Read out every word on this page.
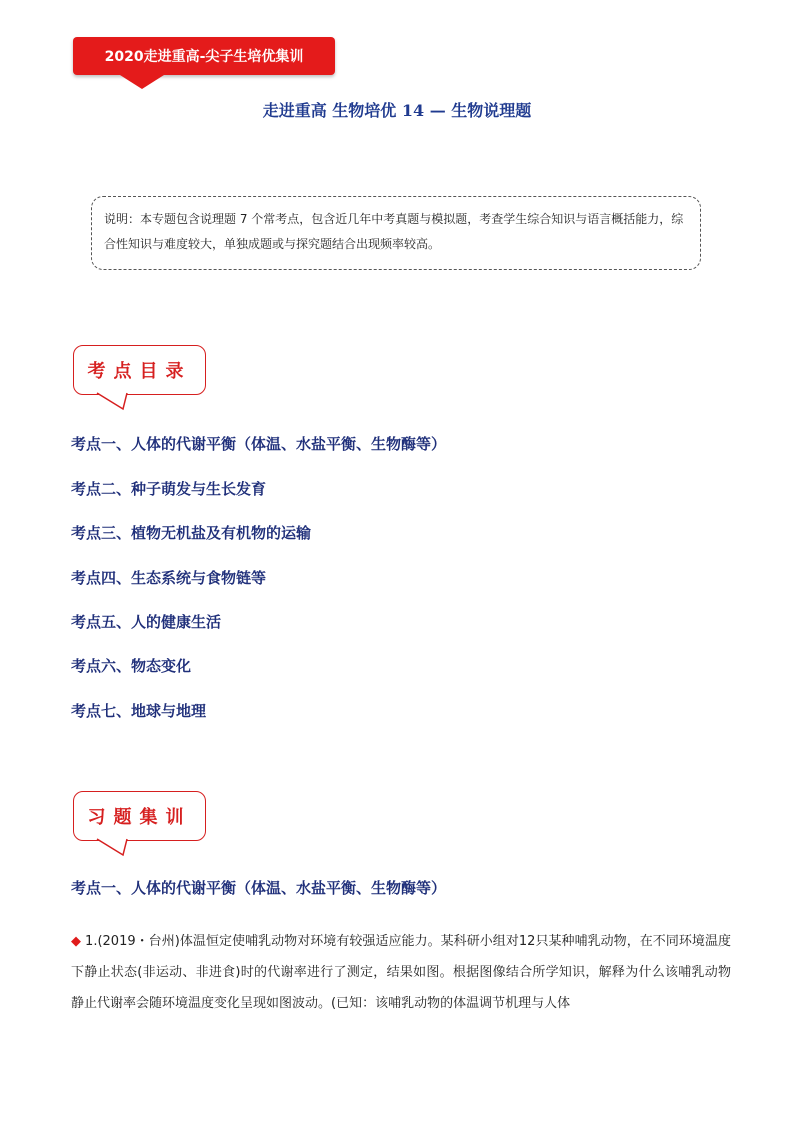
2020走进重高-尖子生培优集训
走进重高 生物培优 14 — 生物说理题
说明：本专题包含说理题 7 个常考点，包含近几年中考真题与模拟题，考查学生综合知识与语言概括能力，综合性知识与难度较大，单独成题或与探究题结合出现频率较高。
考点目录
考点一、人体的代谢平衡（体温、水盐平衡、生物酶等）
考点二、种子萌发与生长发育
考点三、植物无机盐及有机物的运输
考点四、生态系统与食物链等
考点五、人的健康生活
考点六、物态变化
考点七、地球与地理
习题集训
考点一、人体的代谢平衡（体温、水盐平衡、生物酶等）
◆ 1.(2019・台州)体温恒定使哺乳动物对环境有较强适应能力。某科研小组对12只某种哺乳动物，在不同环境温度下静止状态(非运动、非进食)时的代谢率进行了测定，结果如图。根据图像结合所学知识，解释为什么该哺乳动物静止代谢率会随环境温度变化呈现如图波动。(已知：该哺乳动物的体温调节机理与人体
